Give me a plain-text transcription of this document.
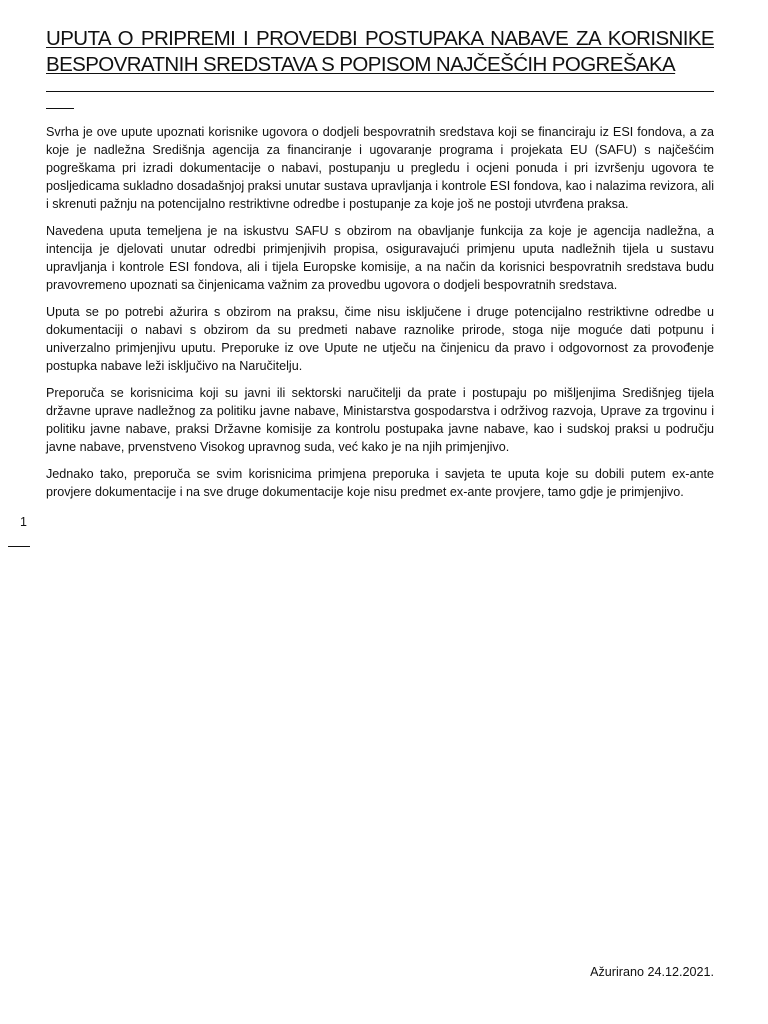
UPUTA O PRIPREMI I PROVEDBI POSTUPAKA NABAVE ZA KORISNIKE
BESPOVRATNIH SREDSTAVA S POPISOM NAJČEŠĆIH POGREŠAKA

Svrha je ove upute upoznati korisnike ugovora o dodjeli bespovratnih sredstava koji se financiraju iz ESI fondova, a za koje je nadležna Središnja agencija za financiranje i ugovaranje programa i projekata EU (SAFU) s najčešćim pogreškama pri izradi dokumentacije o nabavi, postupanju u pregledu i ocjeni ponuda i pri izvršenju ugovora te posljedicama sukladno dosadašnjoj praksi unutar sustava upravljanja i kontrole ESI fondova, kao i nalazima revizora, ali i skrenuti pažnju na potencijalno restriktivne odredbe i postupanje za koje još ne postoji utvrđena praksa.

Navedena uputa temeljena je na iskustvu SAFU s obzirom na obavljanje funkcija za koje je agencija nadležna, a intencija je djelovati unutar odredbi primjenjivih propisa, osiguravajući primjenu uputa nadležnih tijela u sustavu upravljanja i kontrole ESI fondova, ali i tijela Europske komisije, a na način da korisnici bespovratnih sredstava budu pravovremeno upoznati sa činjenicama važnim za provedbu ugovora o dodjeli bespovratnih sredstava.

Uputa se po potrebi ažurira s obzirom na praksu, čime nisu isključene i druge potencijalno restriktivne odredbe u dokumentaciji o nabavi s obzirom da su predmeti nabave raznolike prirode, stoga nije moguće dati potpunu i univerzalno primjenjivu uputu. Preporuke iz ove Upute ne utječu na činjenicu da pravo i odgovornost za provođenje postupka nabave leži isključivo na Naručitelju.

Preporuča se korisnicima koji su javni ili sektorski naručitelji da prate i postupaju po mišljenjima Središnjeg tijela državne uprave nadležnog za politiku javne nabave, Ministarstva gospodarstva i održivog razvoja, Uprave za trgovinu i politiku javne nabave, praksi Državne komisije za kontrolu postupaka javne nabave, kao i sudskoj praksi u području javne nabave, prvenstveno Visokog upravnog suda, već kako je na njih primjenjivo.

Jednako tako, preporuča se svim korisnicima primjena preporuka i savjeta te uputa koje su dobili putem ex-ante provjere dokumentacije i na sve druge dokumentacije koje nisu predmet ex-ante provjere, tamo gdje je primjenjivo.

1
Ažurirano 24.12.2021.
